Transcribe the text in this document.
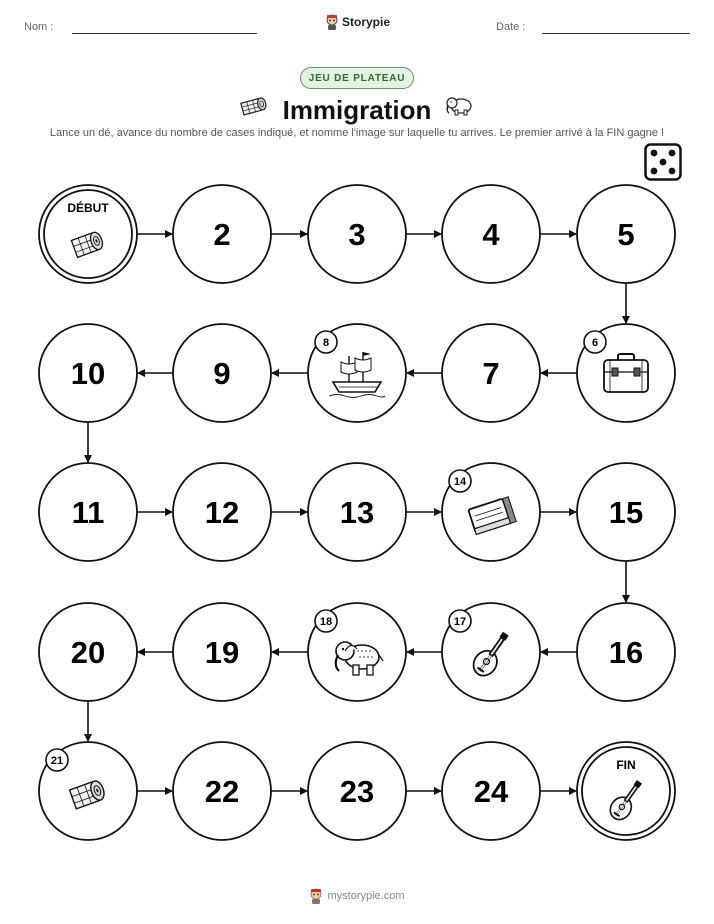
Nom :	Storypie	Date :
JEU DE PLATEAU
Immigration
Lance un dé, avance du nombre de cases indiqué, et nomme l'image sur laquelle tu arrives. Le premier arrivé à la FIN gagne !
DÉBUT
2	3	4	5
6
7
8
9
10
11	12	13
14
15
16
17
18
19
20
21
22	23	24
FIN
mystorypie.com
